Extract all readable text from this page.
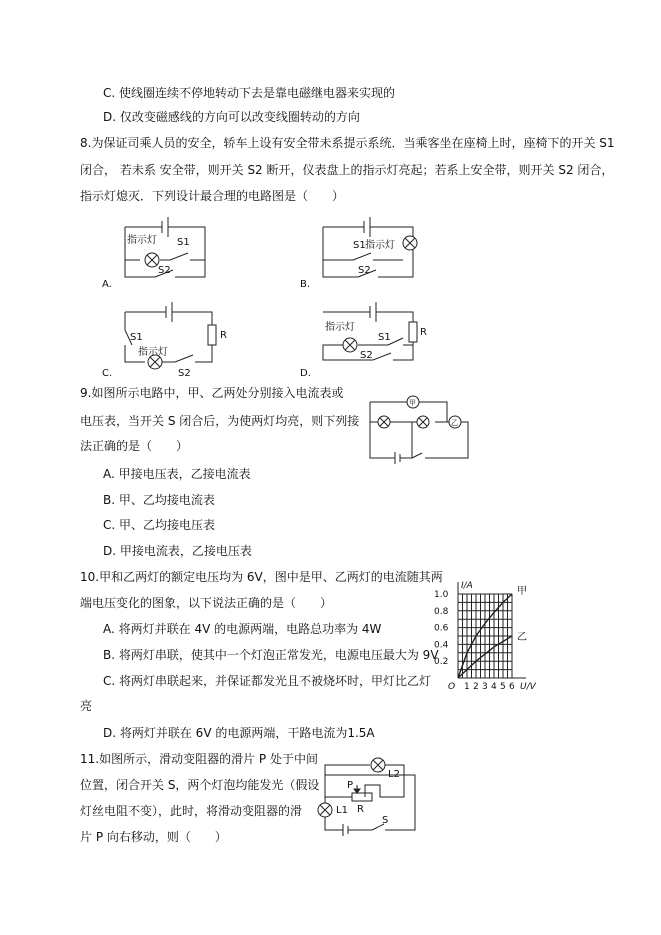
C. 使线圈连续不停地转动下去是靠电磁继电器来实现的
D. 仅改变磁感线的方向可以改变线圈转动的方向
8.为保证司乘人员的安全，轿车上设有安全带未系提示系统．当乘客坐在座椅上时，座椅下的开关 S1
闭合， 若未系 安全带，则开关 S2 断开，仪表盘上的指示灯亮起；若系上安全带，则开关 S2 闭合，
指示灯熄灭．下列设计最合理的电路图是（　　）
指示灯 S1
S2
A.
S1 指示灯
S2
B.
R
S1
指示灯
S2
C.
R
指示灯
S1
S2
D.
9.如图所示电路中，甲、乙两处分别接入电流表或
电压表，当开关 S 闭合后，为使两灯均亮，则下列接
法正确的是（　　）
甲
乙
A. 甲接电压表，乙接电流表
B. 甲、乙均接电流表
C. 甲、乙均接电压表
D. 甲接电流表，乙接电压表
10.甲和乙两灯的额定电压均为 6V，图中是甲、乙两灯的电流随其两
端电压变化的图象，以下说法正确的是（　　）
A. 将两灯并联在 4V 的电源两端，电路总功率为 4W
B. 将两灯串联，使其中一个灯泡正常发光，电源电压最大为 9V
C. 将两灯串联起来，并保证都发光且不被烧坏时，甲灯比乙灯
亮
D. 将两灯并联在 6V 的电源两端，干路电流为1.5A
1 2 3 4 5 6
0.2
0.4
0.6
0.8
1.0
O	U/V
I/A	甲
乙
11.如图所示，滑动变阻器的滑片 P 处于中间
位置，闭合开关 S，两个灯泡均能发光（假设
灯丝电阻不变），此时，将滑动变阻器的滑
片 P 向右移动，则（　　）
L1
L2
P
R
S
